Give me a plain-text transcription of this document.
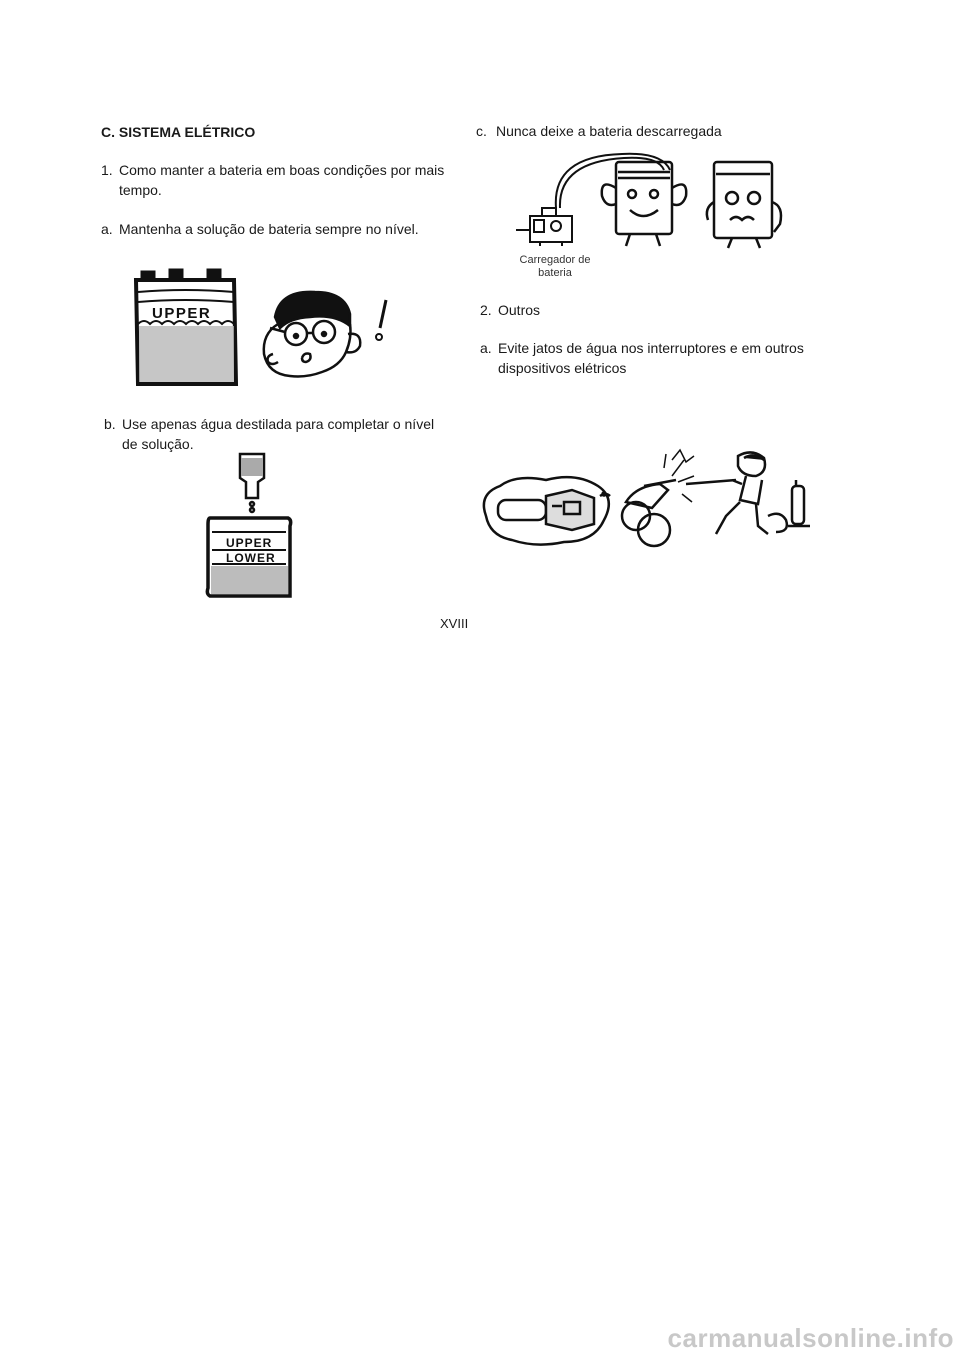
C. SISTEMA ELÉTRICO
1. Como manter a bateria em boas condições por mais
tempo.
a. Mantenha a solução de bateria sempre no nível.
UPPER
b. Use apenas água destilada para completar o nível
de solução.
UPPER
LOWER
c. Nunca deixe a bateria descarregada
Carregador de
bateria
2. Outros
a. Evite jatos de água nos interruptores e em outros
dispositivos elétricos
XVIII
carmanualsonline.info
